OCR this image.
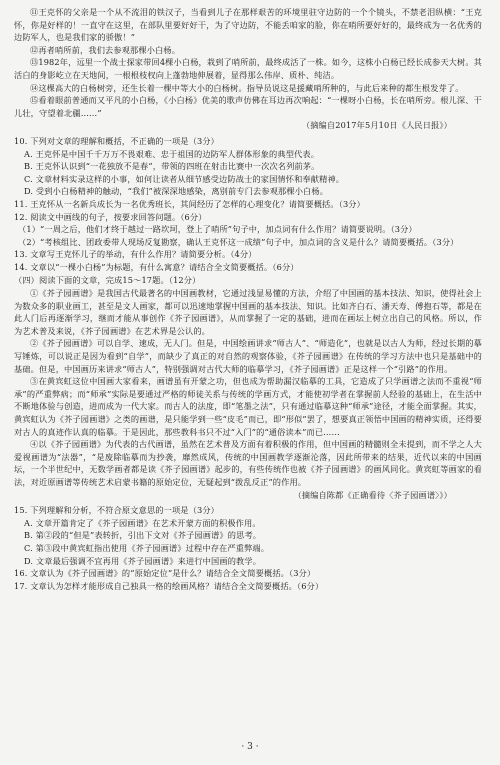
⑪王克怀的父亲是一个从不流泪的铁汉子，当看到儿子在那样艰苦的环境里驻守边防的一个个镜头，不禁老泪纵横：“王克怀，你是好样的！一直守在这里，在部队里要好好干，为了守边防，不能丢咱家的脸，你在哨所要好好的，最终成为一名优秀的边防军人，也是我们家的骄傲！”

⑫再者哨所前，我们去参观那棵小白杨。

⑬1982年，远里一个战士探家带回4棵小白杨，栽到了哨所前，最终成活了一株。如今，这株小白杨已经长成参天大树。其活白的身影屹立在天地间，一根根枝杈向上蓬勃地伸展着，显得那么伟岸、质朴、纯洁。

⑭这棵高大的白杨树旁，还生长着一棵中等大小的白杨树。指导员说这是援藏哨所种的，与此后来种的都生根发芽了。

⑮看着眼前普通而又平凡的小白杨，《小白杨》优美的歌声仿佛在耳边再次响起：“一棵呀小白杨，长在哨所旁。根儿深、干儿壮，守望着北疆……”

（摘编自2017年5月10日《人民日报》）

10. 下列对文章的理解和概括，不正确的一项是（3分）

A. 王克怀是中国千千万万不畏艰难、忠于祖国的边防军人群体形象的典型代表。

B. 王克怀认识到“一花独放不是春”，带领的四班在射击比赛中一次次名列前茅。

C. 文章材料实录这样的小事，如何让读者从细节感受边防战士的家国情怀和奉献精神。

D. 受到小白杨精神的触动，“我们”被深深地感染，离别前专门去参观那棵小白杨。

11. 王克怀从一名新兵成长为一名优秀班长，其间经历了怎样的心理变化？请简要概括。（3分）

12. 阅读文中画线的句子，按要求回答问题。（6分）

（1）“一周之后，他们才终于越过一路坎坷，登上了哨所”句子中，加点词有什么作用？请简要说明。（3分）

（2）“考核组比、团政委带人现场反复勘察，确认王克怀这一成绩”句子中，加点词的含义是什么？请简要概括。（3分）

13. 文章写王克怀儿子的举动，有什么作用？请简要分析。（4分）

14. 文章以“一棵小白杨”为标题，有什么寓意？请结合全文简要概括。（6分）

（四）阅读下面的文章，完成15～17题。（12分）

①《芥子园画谱》是我国古代最著名的中国画教材，它通过浅显易懂的方法，介绍了中国画的基本技法、知识，使得社会上为数众多的职业画工，甚至是文人画家，都可以迅速地掌握中国画的基本技法、知识。比如齐白石、潘天寿、傅抱石等，都是在此人门后再逐渐学习，继而才能从事创作《芥子园画谱》，从而掌握了一定的基础，进而在画坛上树立出自己的风格。所以，作为艺术普及来说，《芥子园画谱》在艺术界是公认的。

②《芥子园画谱》可以自学、速成，无人门。但是，中国绘画讲求“师古人”、“师造化”，也就是以古人为师，经过长期的摹写锤炼，可以说正是因为看到“自学”，而缺少了真正的对自然的观察体验，《芥子园画谱》在传统的学习方法中也只是基础中的基础。但是，中国画历来讲求“师古人”，特别强调对古代大师的临摹学习，《芥子园画谱》正是这样一个“引路”的作用。

③在黄宾虹这位中国画大家看来，画谱虽有开蒙之功，但也成为帮助漏汉临摹的工具，它造成了只学画谱之法而不重视“师承”的严重弊病；而“师承”实际是要通过严格的师徒关系与传统的学画方式，才能使初学者在掌握前人经验的基础上，在生活中不断地体验与创造，进而成为一代大家。而古人的法度，即“笔墨之法”，只有通过临摹这种“师承”途径，才能全面掌握。其实，黄宾虹认为《芥子园画谱》之类的画谱，是只能学到一些“皮毛”而已，即“形似”罢了，想要真正领悟中国画的精神实质，还得要对古人的真迹作认真的临摹。于是因此，那些教科书只不过“入门”的“通俗读本”而已……

④以《芥子园画谱》为代表的古代画谱，虽然在艺术普及方面有着积极的作用，但中国画的精髓则全未提到，而不学之人大爱视画谱为“法器”，“是废除临摹而为抄袭，靡然成风，传统的中国画教学逐渐沦落，因此所带来的结果，近代以来的中国画坛，一个半世纪中，无数学画者都是读《芥子园画谱》起步的，有些传统作也被《芥子园画谱》的画风同化。黄宾虹等画家的看法，对近原画谱等传统艺术启蒙书籍的原始定位，无疑起到“拨乱反正”的作用。

（摘编自陈都《正确看待〈芥子园画谱〉》）

15. 下列理解和分析，不符合原文意思的一项是（3分）

A. 文章开篇肯定了《芥子园画谱》在艺术开蒙方面的积极作用。

B. 第②段的“但是”表转折，引出下文对《芥子园画谱》的思考。

C. 第③段中黄宾虹指出使用《芥子园画谱》过程中存在严重弊端。

D. 文章最后强调不宜再用《芥子园画谱》来进行中国画的教学。

16. 文章认为《芥子园画谱》的“原始定位”是什么？请结合全文简要概括。（3分）

17. 文章认为怎样才能形成自己独具一格的绘画风格？请结合全文简要概括。（6分）

· 3 ·
